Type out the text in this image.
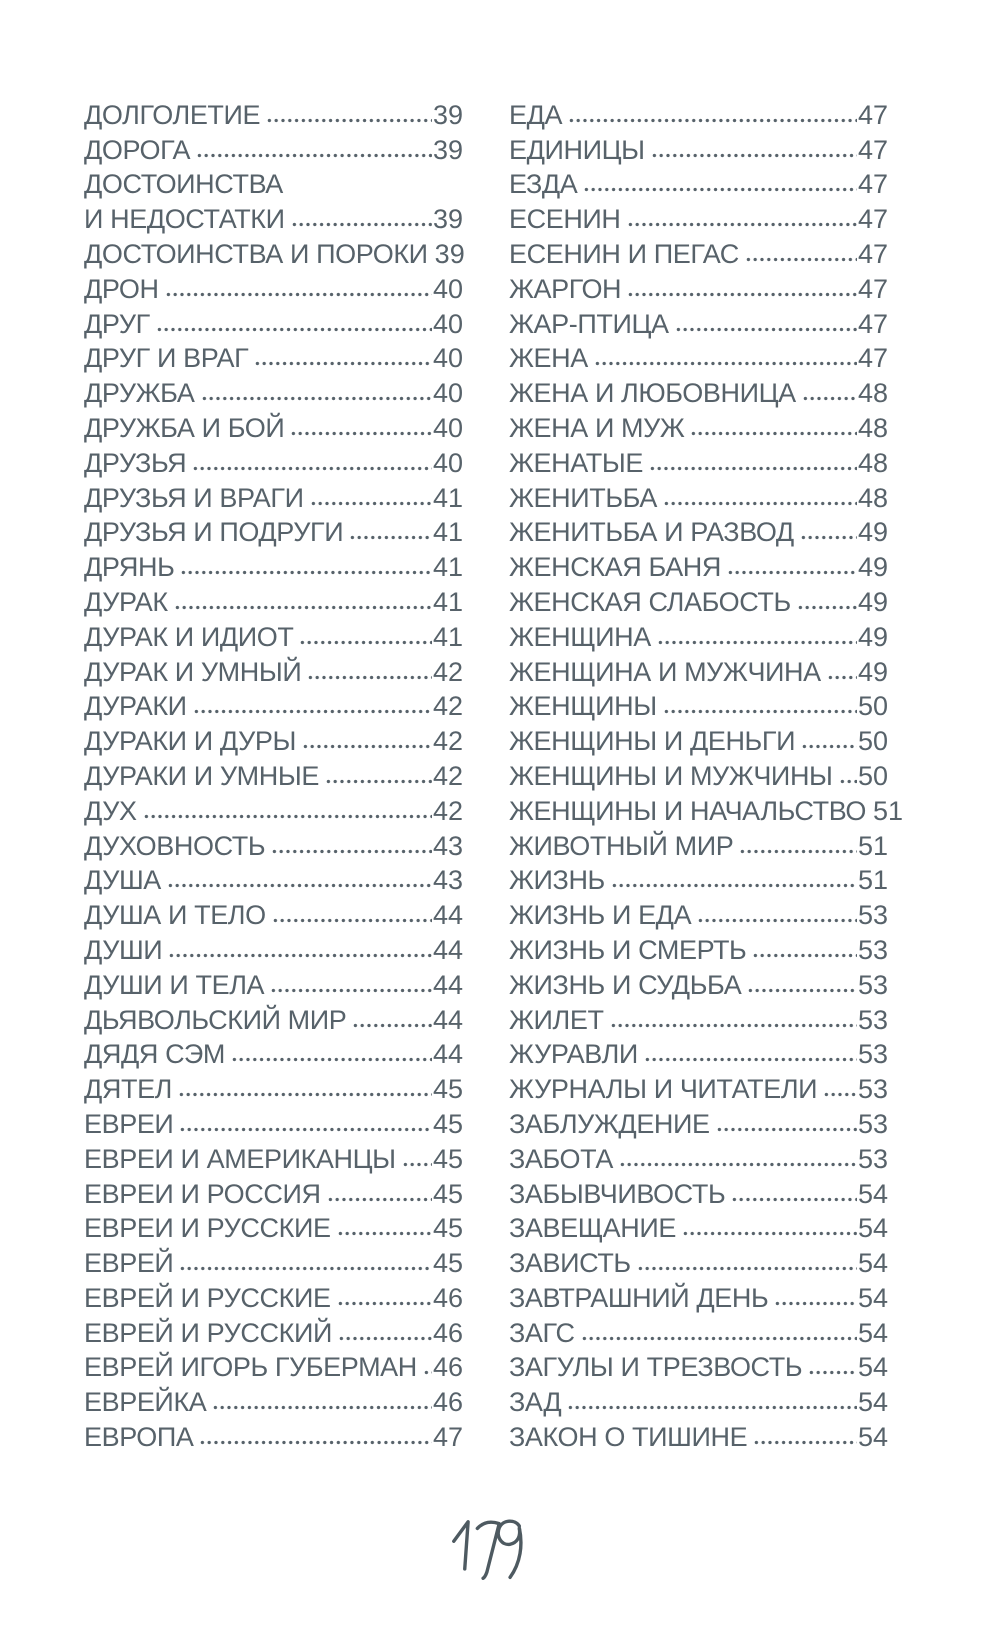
ДОЛГОЛЕТИЕ	39
ДОРОГА	39
ДОСТОИНСТВА
И НЕДОСТАТКИ	39
ДОСТОИНСТВА И ПОРОКИ 39
ДРОН	40
ДРУГ	40
ДРУГ И ВРАГ	40
ДРУЖБА	40
ДРУЖБА И БОЙ	40
ДРУЗЬЯ	40
ДРУЗЬЯ И ВРАГИ	41
ДРУЗЬЯ И ПОДРУГИ	41
ДРЯНЬ	41
ДУРАК	41
ДУРАК И ИДИОТ	41
ДУРАК И УМНЫЙ	42
ДУРАКИ	42
ДУРАКИ И ДУРЫ	42
ДУРАКИ И УМНЫЕ	42
ДУХ	42
ДУХОВНОСТЬ	43
ДУША	43
ДУША И ТЕЛО	44
ДУШИ	44
ДУШИ И ТЕЛА	44
ДЬЯВОЛЬСКИЙ МИР	44
ДЯДЯ СЭМ	44
ДЯТЕЛ	45
ЕВРЕИ	45
ЕВРЕИ И АМЕРИКАНЦЫ 45
ЕВРЕИ И РОССИЯ	45
ЕВРЕИ И РУССКИЕ	45
ЕВРЕЙ	45
ЕВРЕЙ И РУССКИЕ	46
ЕВРЕЙ И РУССКИЙ	46
ЕВРЕЙ ИГОРЬ ГУБЕРМАН 46
ЕВРЕЙКА	46
ЕВРОПА	47
ЕДА	47
ЕДИНИЦЫ	47
ЕЗДА	47
ЕСЕНИН	47
ЕСЕНИН И ПЕГАС	47
ЖАРГОН	47
ЖАР-ПТИЦА	47
ЖЕНА	47
ЖЕНА И ЛЮБОВНИЦА 48
ЖЕНА И МУЖ	48
ЖЕНАТЫЕ	48
ЖЕНИТЬБА	48
ЖЕНИТЬБА И РАЗВОД 49
ЖЕНСКАЯ БАНЯ	49
ЖЕНСКАЯ СЛАБОСТЬ 49
ЖЕНЩИНА	49
ЖЕНЩИНА И МУЖЧИНА 49
ЖЕНЩИНЫ	50
ЖЕНЩИНЫ И ДЕНЬГИ 50
ЖЕНЩИНЫ И МУЖЧИНЫ 50
ЖЕНЩИНЫ И НАЧАЛЬСТВО 51
ЖИВОТНЫЙ МИР	51
ЖИЗНЬ	51
ЖИЗНЬ И ЕДА	53
ЖИЗНЬ И СМЕРТЬ	53
ЖИЗНЬ И СУДЬБА	53
ЖИЛЕТ	53
ЖУРАВЛИ	53
ЖУРНАЛЫ И ЧИТАТЕЛИ 53
ЗАБЛУЖДЕНИЕ	53
ЗАБОТА	53
ЗАБЫВЧИВОСТЬ	54
ЗАВЕЩАНИЕ	54
ЗАВИСТЬ	54
ЗАВТРАШНИЙ ДЕНЬ	54
ЗАГС	54
ЗАГУЛЫ И ТРЕЗВОСТЬ 54
ЗАД	54
ЗАКОН О ТИШИНЕ	54
